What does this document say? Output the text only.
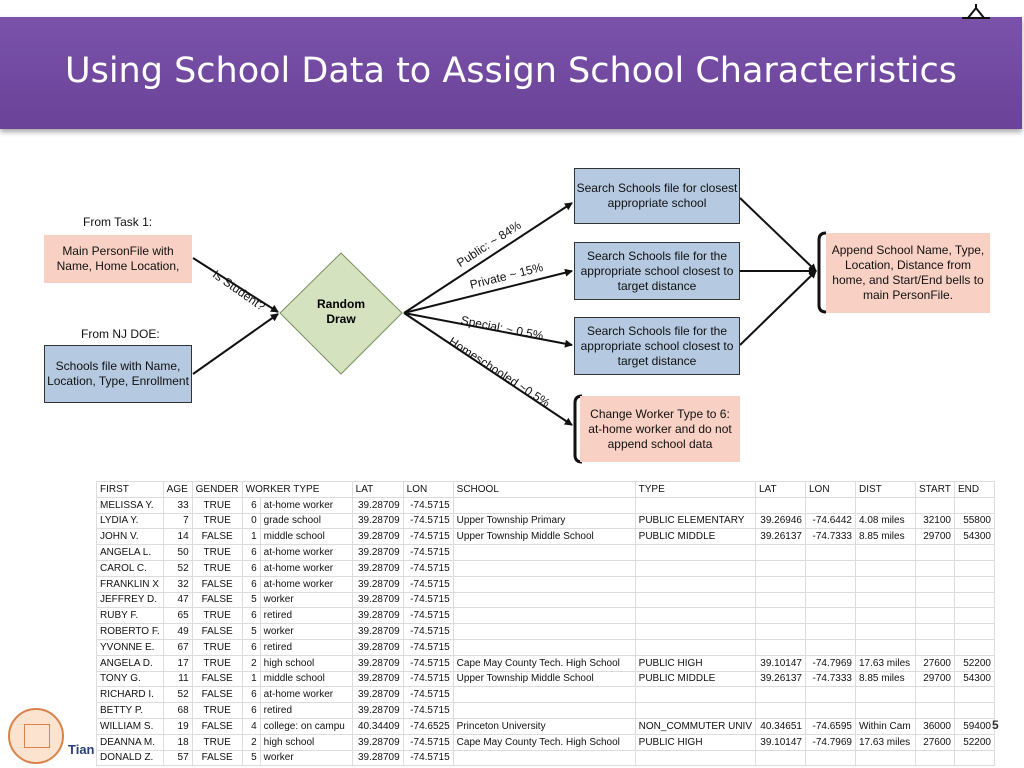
Using School Data to Assign School Characteristics
From Task 1:
Main PersonFile with Name, Home Location,
From NJ DOE:
Schools file with Name, Location, Type, Enrollment
Is Student?	Random Draw
Public: ~ 84%
Private ~ 15%
Special: ~ 0.5%
Homeschooled ~0.5%
Search Schools file for closest appropriate school
Search Schools file for the appropriate school closest to target distance
Search Schools file for the appropriate school closest to target distance
Change Worker Type to 6: at-home worker and do not append school data
Append School Name, Type, Location, Distance from home, and Start/End bells to main PersonFile.
FIRST	AGE	GENDER	WORKER TYPE		LAT	LON	SCHOOL	TYPE	LAT	LON	DIST	START	END
MELISSA Y.	33	TRUE	6	at-home worker	39.28709	-74.5715							
LYDIA Y.	7	TRUE	0	grade school	39.28709	-74.5715	Upper Township Primary	PUBLIC ELEMENTARY	39.26946	-74.6442	4.08 miles	32100	55800
JOHN V.	14	FALSE	1	middle school	39.28709	-74.5715	Upper Township Middle School	PUBLIC MIDDLE	39.26137	-74.7333	8.85 miles	29700	54300
ANGELA L.	50	TRUE	6	at-home worker	39.28709	-74.5715							
CAROL C.	52	TRUE	6	at-home worker	39.28709	-74.5715							
FRANKLIN X	32	FALSE	6	at-home worker	39.28709	-74.5715							
JEFFREY D.	47	FALSE	5	worker	39.28709	-74.5715							
RUBY F.	65	TRUE	6	retired	39.28709	-74.5715							
ROBERTO F.	49	FALSE	5	worker	39.28709	-74.5715							
YVONNE E.	67	TRUE	6	retired	39.28709	-74.5715							
ANGELA D.	17	TRUE	2	high school	39.28709	-74.5715	Cape May County Tech. High School	PUBLIC HIGH	39.10147	-74.7969	17.63 miles	27600	52200
TONY G.	11	FALSE	1	middle school	39.28709	-74.5715	Upper Township Middle School	PUBLIC MIDDLE	39.26137	-74.7333	8.85 miles	29700	54300
RICHARD I.	52	FALSE	6	at-home worker	39.28709	-74.5715							
BETTY P.	68	TRUE	6	retired	39.28709	-74.5715							
WILLIAM S.	19	FALSE	4	college: on campu	40.34409	-74.6525	Princeton University	NON_COMMUTER UNIV	40.34651	-74.6595	Within Cam	36000	59400
DEANNA M.	18	TRUE	2	high school	39.28709	-74.5715	Cape May County Tech. High School	PUBLIC HIGH	39.10147	-74.7969	17.63 miles	27600	52200
DONALD Z.	57	FALSE	5	worker	39.28709	-74.5715							
Tian
5
